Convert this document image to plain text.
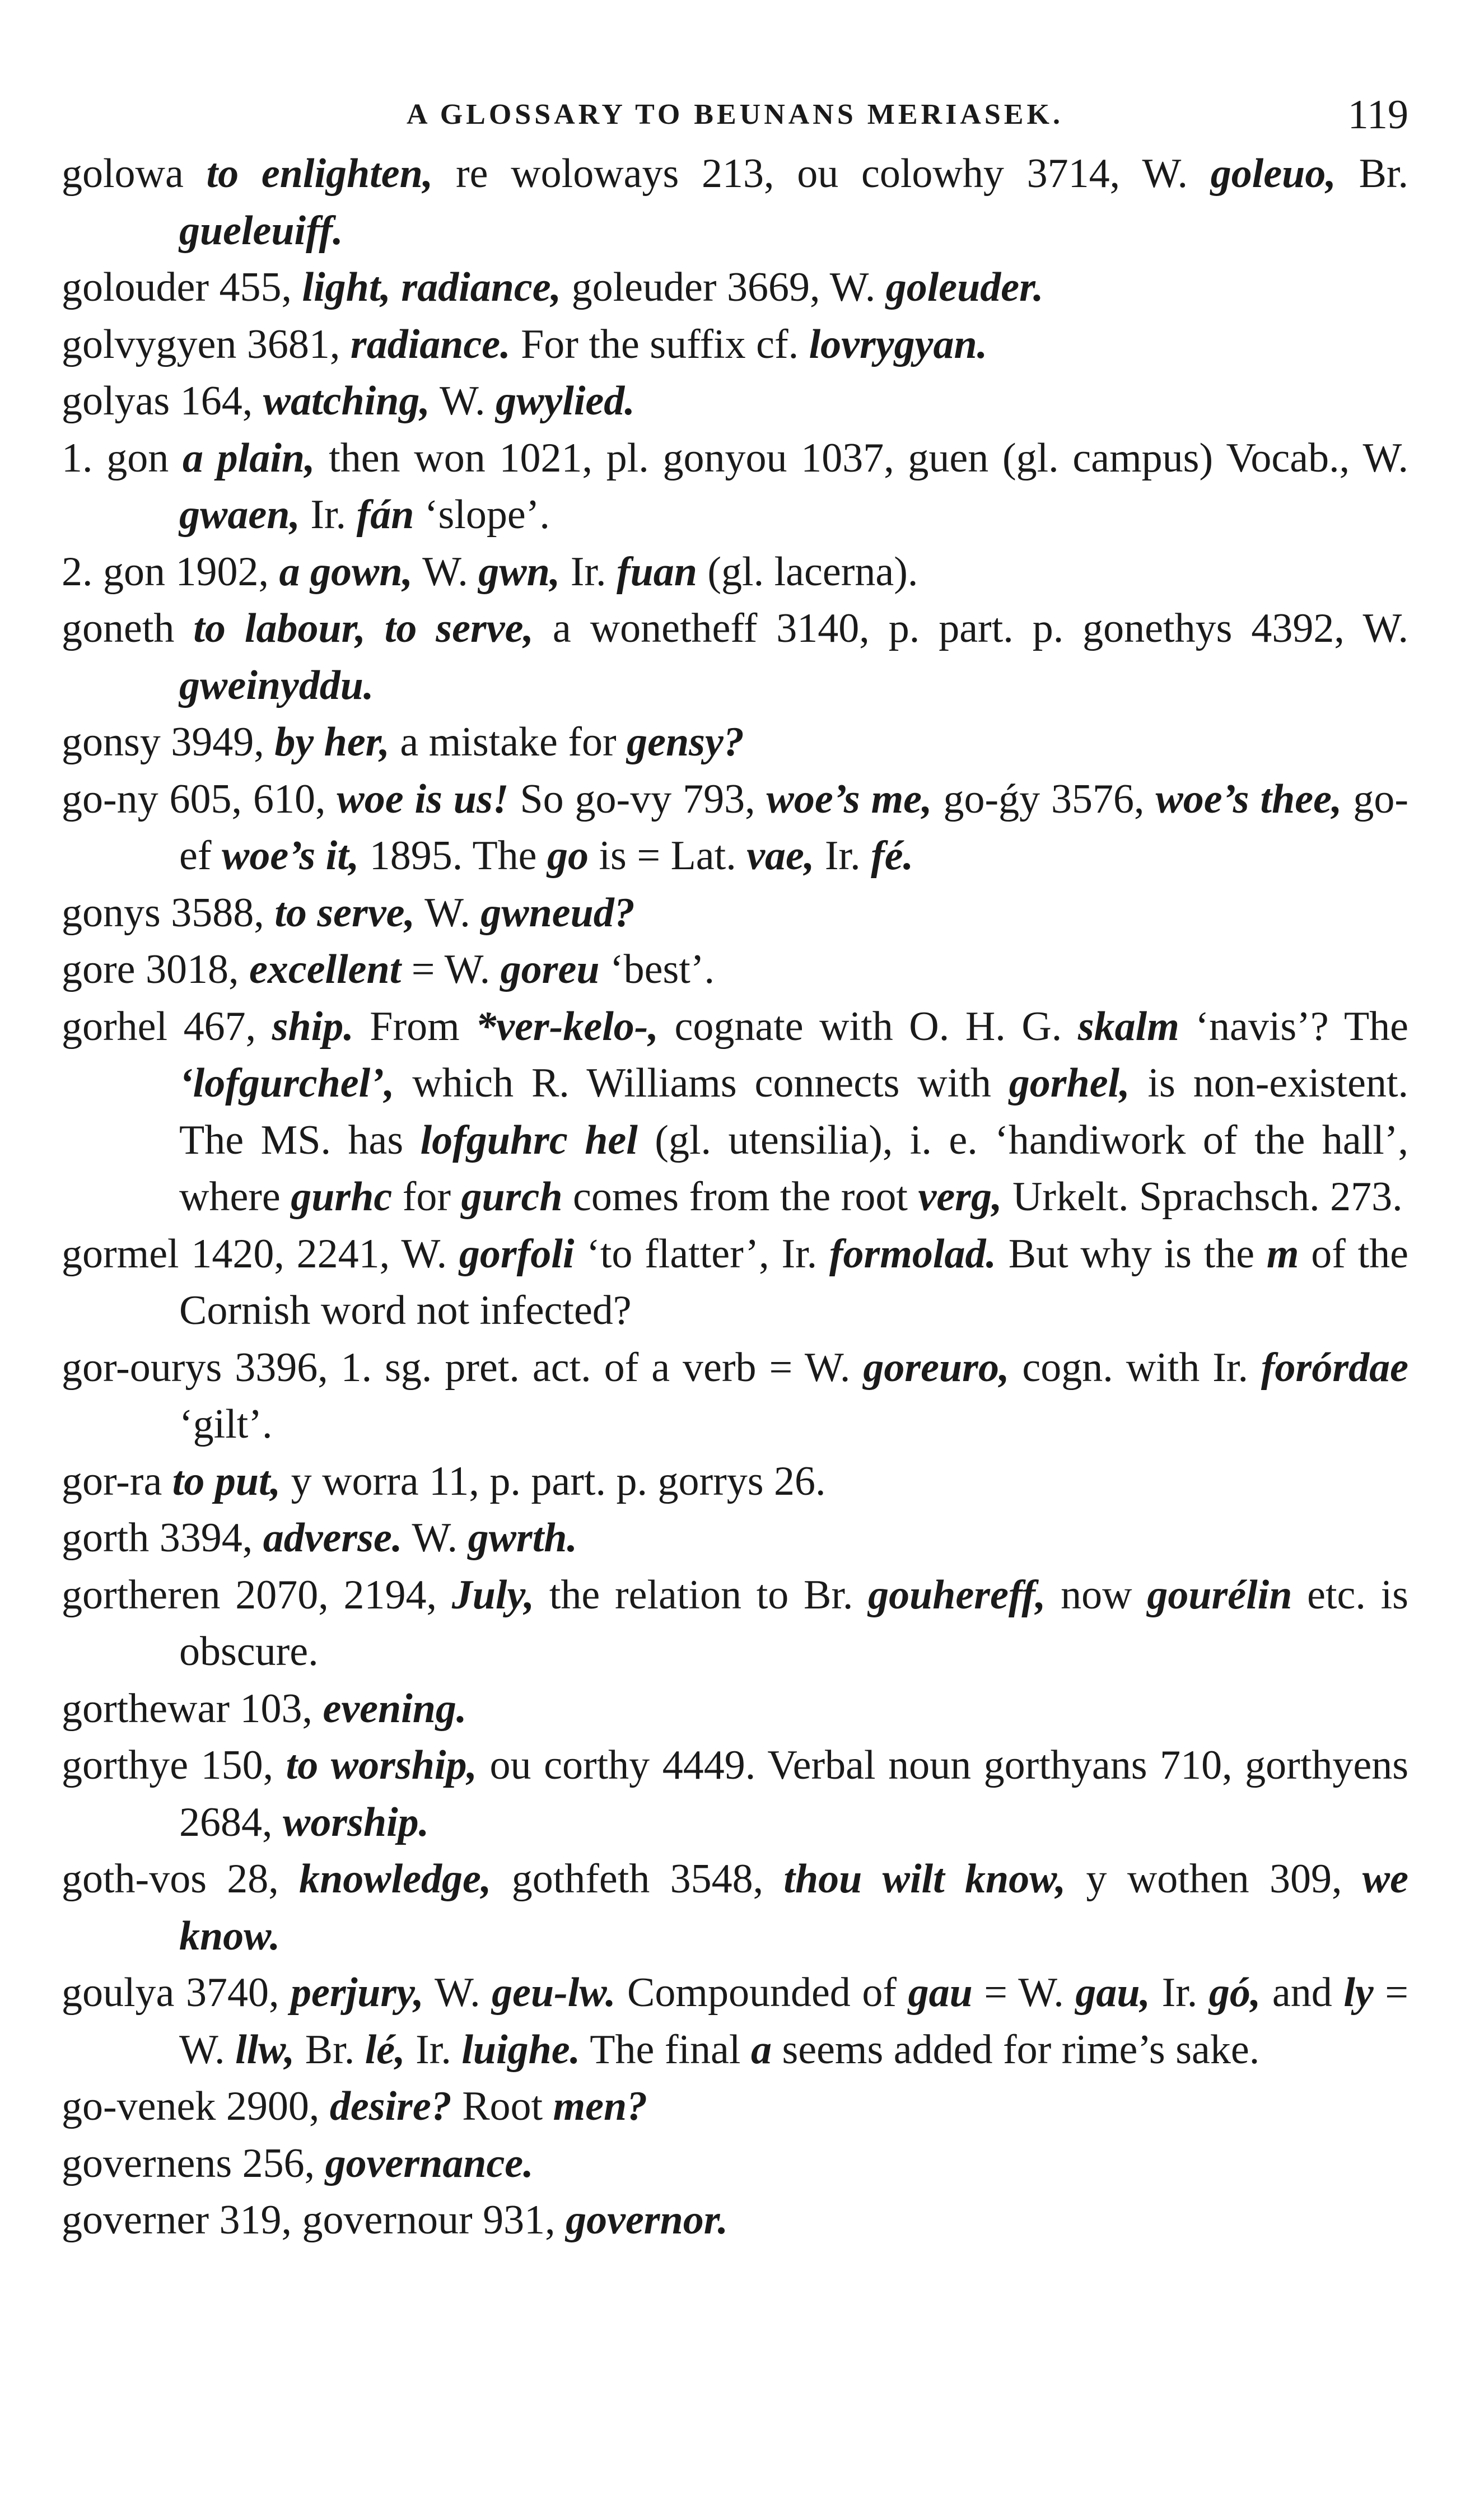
A GLOSSARY TO BEUNANS MERIASEK.	119

golowa to enlighten, re woloways 213, ou colowhy 3714, W. goleuo, Br. gueleuiff.

golouder 455, light, radiance, goleuder 3669, W. goleuder.

golvygyen 3681, radiance. For the suffix cf. lovrygyan.

golyas 164, watching, W. gwylied.

1. gon a plain, then won 1021, pl. gonyou 1037, guen (gl. campus) Vocab., W. gwaen, Ir. fán ‘slope’.

2. gon 1902, a gown, W. gwn, Ir. fuan (gl. lacerna).

goneth to labour, to serve, a wonetheff 3140, p. part. p. gonethys 4392, W. gweinyddu.

gonsy 3949, by her, a mistake for gensy?

go-ny 605, 610, woe is us! So go-vy 793, woe’s me, go-ǵy 3576, woe’s thee, go-ef woe’s it, 1895. The go is = Lat. vae, Ir. fé.

gonys 3588, to serve, W. gwneud?

gore 3018, excellent = W. goreu ‘best’.

gorhel 467, ship. From *ver-kelo-, cognate with O. H. G. skalm ‘navis’? The ‘lofgurchel’, which R. Williams connects with gorhel, is non-existent. The MS. has lofguhrc hel (gl. utensilia), i. e. ‘handiwork of the hall’, where gurhc for gurch comes from the root verg, Urkelt. Sprachsch. 273.

gormel 1420, 2241, W. gorfoli ‘to flatter’, Ir. formolad. But why is the m of the Cornish word not infected?

gor-ourys 3396, 1. sg. pret. act. of a verb = W. goreuro, cogn. with Ir. forórdae ‘gilt’.

gor-ra to put, y worra 11, p. part. p. gorrys 26.

gorth 3394, adverse. W. gwrth.

gortheren 2070, 2194, July, the relation to Br. gouhereff, now gourélin etc. is obscure.

gorthewar 103, evening.

gorthye 150, to worship, ou corthy 4449. Verbal noun gorthyans 710, gorthyens 2684, worship.

goth-vos 28, knowledge, gothfeth 3548, thou wilt know, y wothen 309, we know.

goulya 3740, perjury, W. geu-lw. Compounded of gau = W. gau, Ir. gó, and ly = W. llw, Br. lé, Ir. luighe. The final a seems added for rime’s sake.

go-venek 2900, desire? Root men?

governens 256, governance.

governer 319, governour 931, governor.
